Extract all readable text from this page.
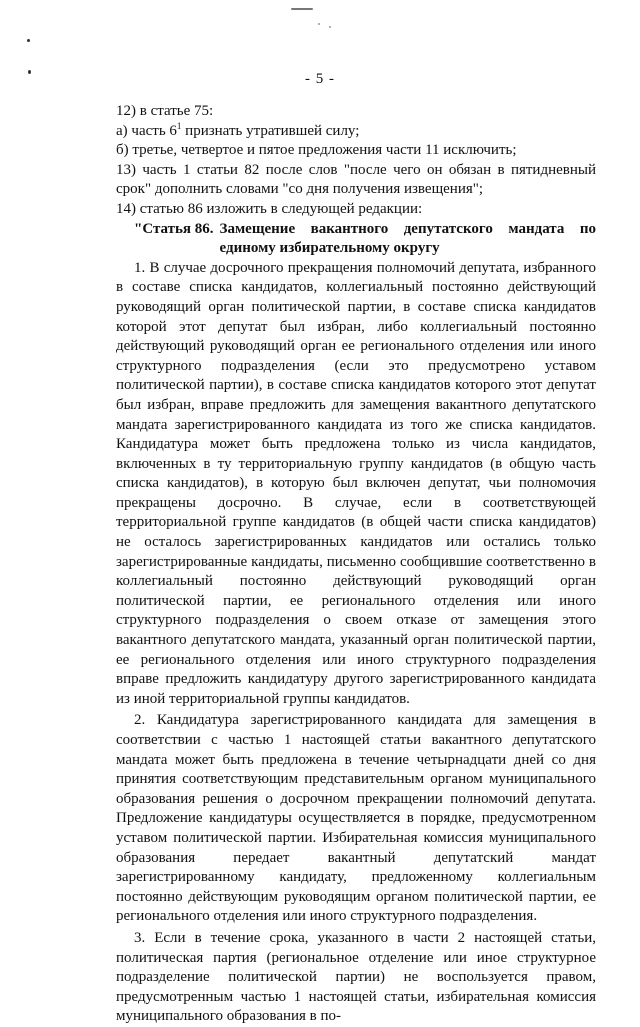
- 5 -

12) в статье 75:

а) часть $6^1$ признать утратившей силу;

б) третье, четвертое и пятое предложения части 11 исключить;

13) часть 1 статьи 82 после слов "после чего он обязан в пятидневный срок" дополнить словами "со дня получения извещения";

14) статью 86 изложить в следующей редакции:

"Статья 86. Замещение вакантного депутатского мандата по единому избирательному округу

1. В случае досрочного прекращения полномочий депутата, избранного в составе списка кандидатов, коллегиальный постоянно действующий руководящий орган политической партии, в составе списка кандидатов которой этот депутат был избран, либо коллегиальный постоянно действующий руководящий орган ее регионального отделения или иного структурного подразделения (если это предусмотрено уставом политической партии), в составе списка кандидатов которого этот депутат был избран, вправе предложить для замещения вакантного депутатского мандата зарегистрированного кандидата из того же списка кандидатов. Кандидатура может быть предложена только из числа кандидатов, включенных в ту территориальную группу кандидатов (в общую часть списка кандидатов), в которую был включен депутат, чьи полномочия прекращены досрочно. В случае, если в соответствующей территориальной группе кандидатов (в общей части списка кандидатов) не осталось зарегистрированных кандидатов или остались только зарегистрированные кандидаты, письменно сообщившие соответственно в коллегиальный постоянно действующий руководящий орган политической партии, ее регионального отделения или иного структурного подразделения о своем отказе от замещения этого вакантного депутатского мандата, указанный орган политической партии, ее регионального отделения или иного структурного подразделения вправе предложить кандидатуру другого зарегистрированного кандидата из иной территориальной группы кандидатов.

2. Кандидатура зарегистрированного кандидата для замещения в соответствии с частью 1 настоящей статьи вакантного депутатского мандата может быть предложена в течение четырнадцати дней со дня принятия соответствующим представительным органом муниципального образования решения о досрочном прекращении полномочий депутата. Предложение кандидатуры осуществляется в порядке, предусмотренном уставом политической партии. Избирательная комиссия муниципального образования передает вакантный депутатский мандат зарегистрированному кандидату, предложенному коллегиальным постоянно действующим руководящим органом политической партии, ее регионального отделения или иного структурного подразделения.

3. Если в течение срока, указанного в части 2 настоящей статьи, политическая партия (региональное отделение или иное структурное подразделение политической партии) не воспользуется правом, предусмотренным частью 1 настоящей статьи, избирательная комиссия муниципального образования в по-
